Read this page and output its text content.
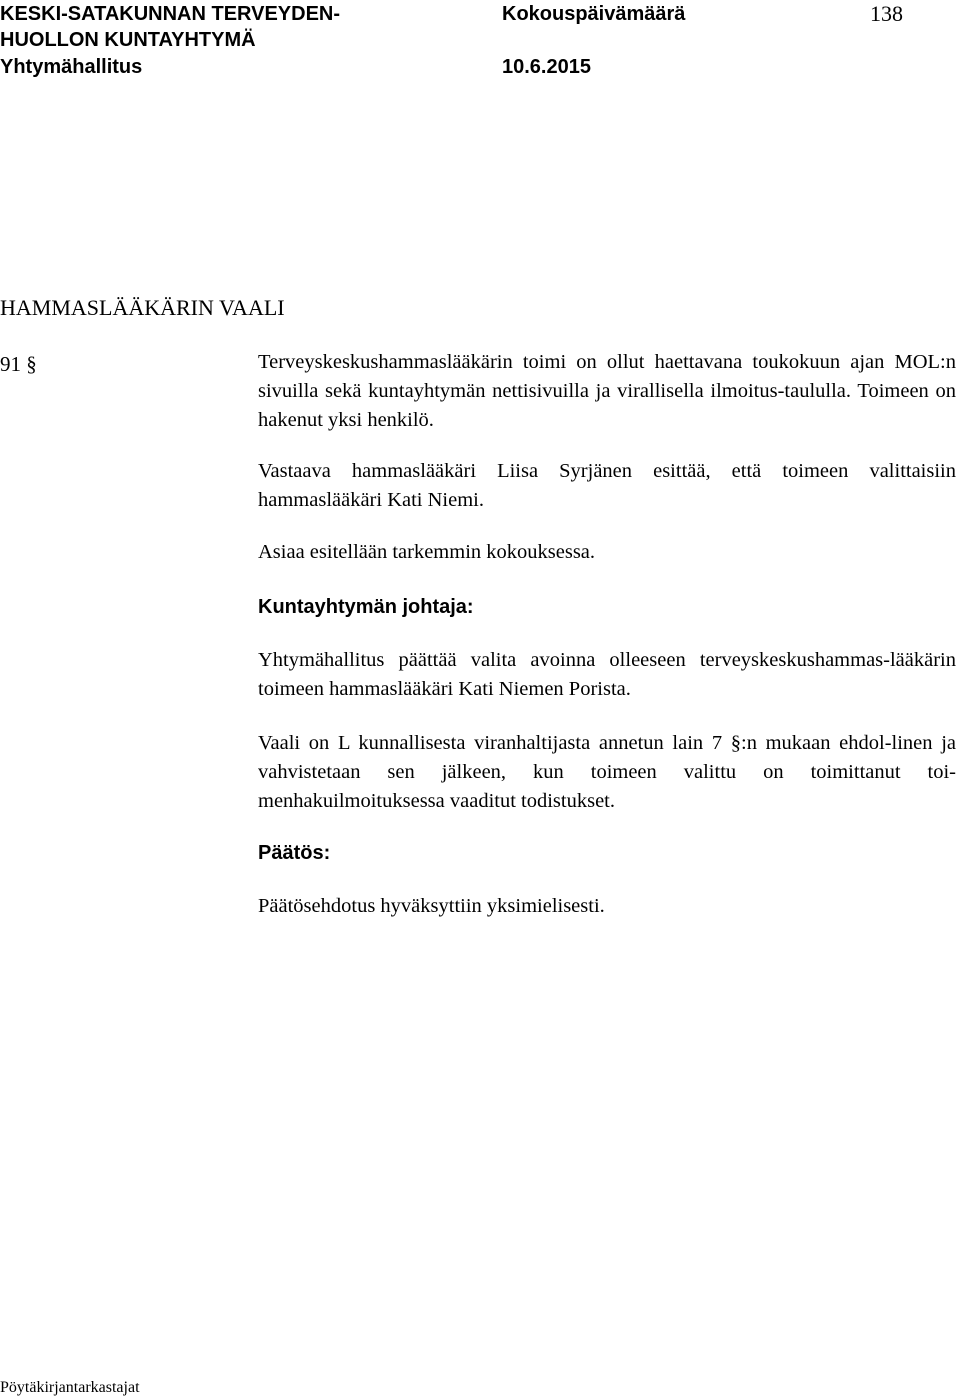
KESKI-SATAKUNNAN TERVEYDEN-

HUOLLON KUNTAYHTYMÄ

Yhtymähallitus

Kokouspäivämäärä

10.6.2015

138

HAMMASLÄÄKÄRIN VAALI

91 §	Terveyskeskushammaslääkärin toimi on ollut haettavana toukokuun ajan MOL:n sivuilla sekä kuntayhtymän nettisivuilla ja virallisella ilmoitus-taululla. Toimeen on hakenut yksi henkilö.

Vastaava hammaslääkäri Liisa Syrjänen esittää, että toimeen valittaisiin hammaslääkäri Kati Niemi.

Asiaa esitellään tarkemmin kokouksessa.

Kuntayhtymän johtaja:

Yhtymähallitus päättää valita avoinna olleeseen terveyskeskushammas-lääkärin toimeen hammaslääkäri Kati Niemen Porista.

Vaali on L kunnallisesta viranhaltijasta annetun lain 7 §:n mukaan ehdol-linen ja vahvistetaan sen jälkeen, kun toimeen valittu on toimittanut toi-menhakuilmoituksessa vaaditut todistukset.

Päätös:

Päätösehdotus hyväksyttiin yksimielisesti.

Pöytäkirjantarkastajat
